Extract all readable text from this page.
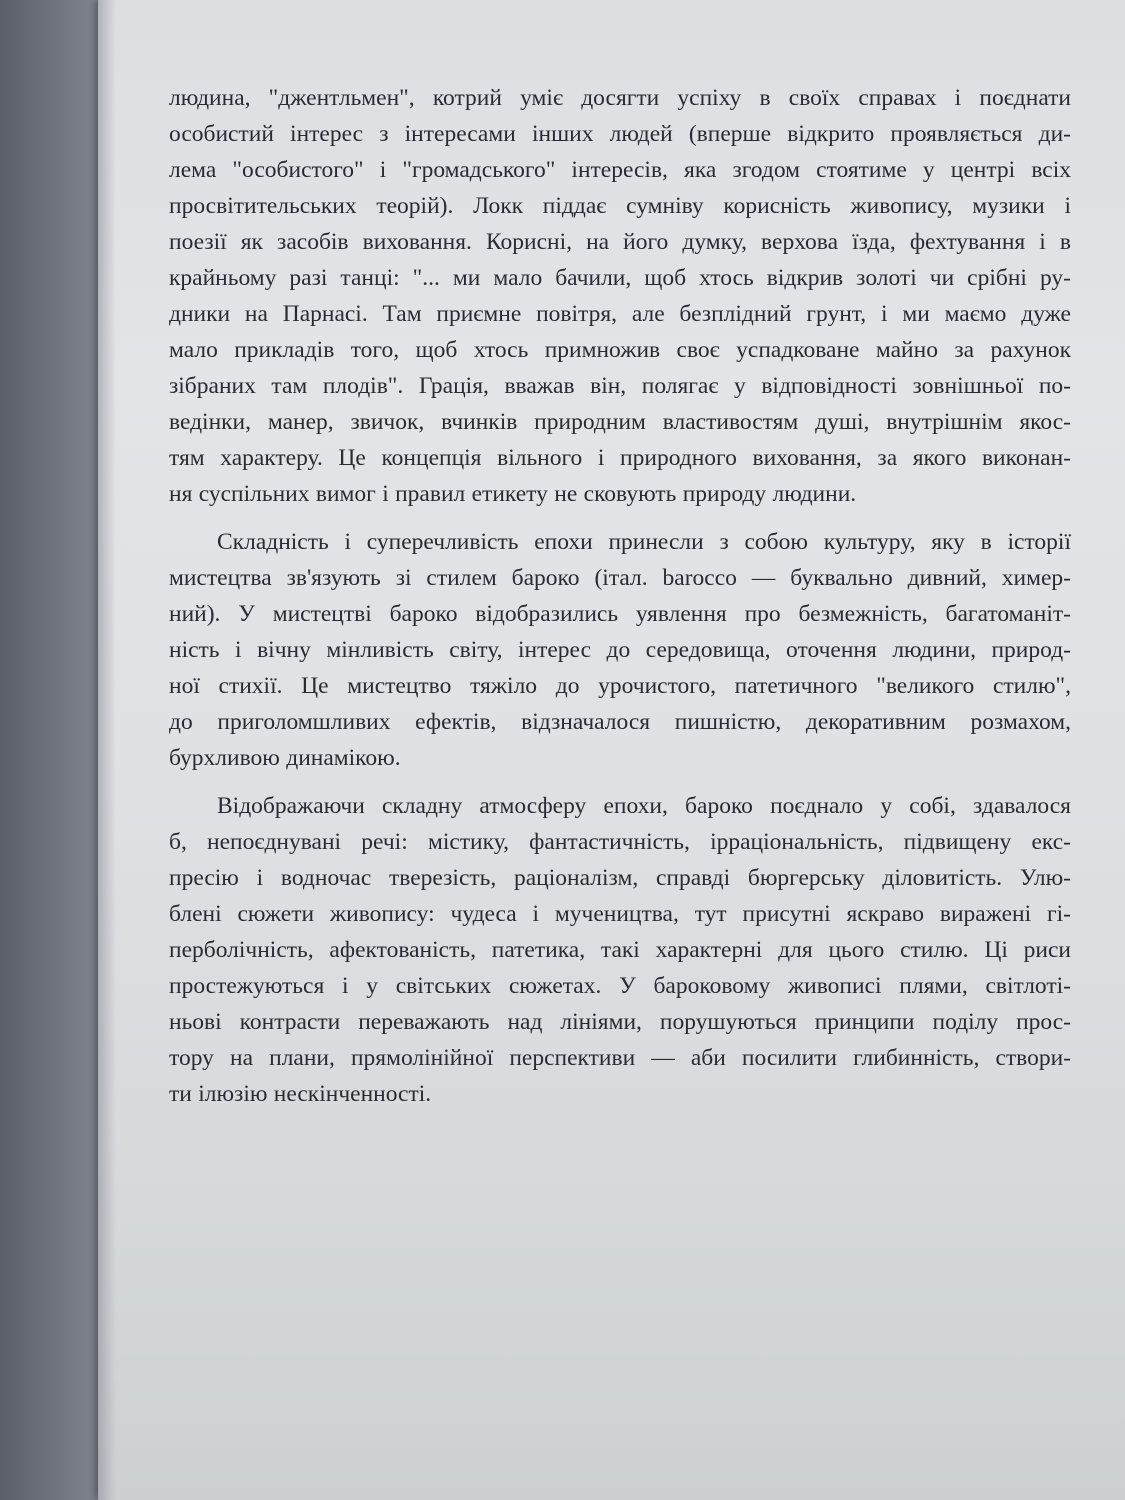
людина, "джентльмен", котрий уміє досягти успіху в своїх справах і поєднати
особистий інтерес з інтересами інших людей (вперше відкрито проявляється ди-
лема "особистого" і "громадського" інтересів, яка згодом стоятиме у центрі всіх
просвітительських теорій). Локк піддає сумніву корисність живопису, музики і
поезії як засобів виховання. Корисні, на його думку, верхова їзда, фехтування і в
крайньому разі танці: "... ми мало бачили, щоб хтось відкрив золоті чи срібні ру-
дники на Парнасі. Там приємне повітря, але безплідний грунт, і ми маємо дуже
мало прикладів того, щоб хтось примножив своє успадковане майно за рахунок
зібраних там плодів". Грація, вважав він, полягає у відповідності зовнішньої по-
ведінки, манер, звичок, вчинків природним властивостям душі, внутрішнім якос-
тям характеру. Це концепція вільного і природного виховання, за якого виконан-
ня суспільних вимог і правил етикету не сковують природу людини.
Складність і суперечливість епохи принесли з собою культуру, яку в історії
мистецтва зв'язують зі стилем бароко (італ. barocco — буквально дивний, химер-
ний). У мистецтві бароко відобразились уявлення про безмежність, багатоманіт-
ність і вічну мінливість світу, інтерес до середовища, оточення людини, природ-
ної стихії. Це мистецтво тяжіло до урочистого, патетичного "великого стилю",
до приголомшливих ефектів, відзначалося пишністю, декоративним розмахом,
бурхливою динамікою.
Відображаючи складну атмосферу епохи, бароко поєднало у собі, здавалося
б, непоєднувані речі: містику, фантастичність, ірраціональність, підвищену екс-
пресію і водночас тверезість, раціоналізм, справді бюргерську діловитість. Улю-
блені сюжети живопису: чудеса і мучеництва, тут присутні яскраво виражені гі-
перболічність, афектованість, патетика, такі характерні для цього стилю. Ці риси
простежуються і у світських сюжетах. У бароковому живописі плями, світлоті-
ньові контрасти переважають над лініями, порушуються принципи поділу прос-
тору на плани, прямолінійної перспективи — аби посилити глибинність, створи-
ти ілюзію нескінченності.
